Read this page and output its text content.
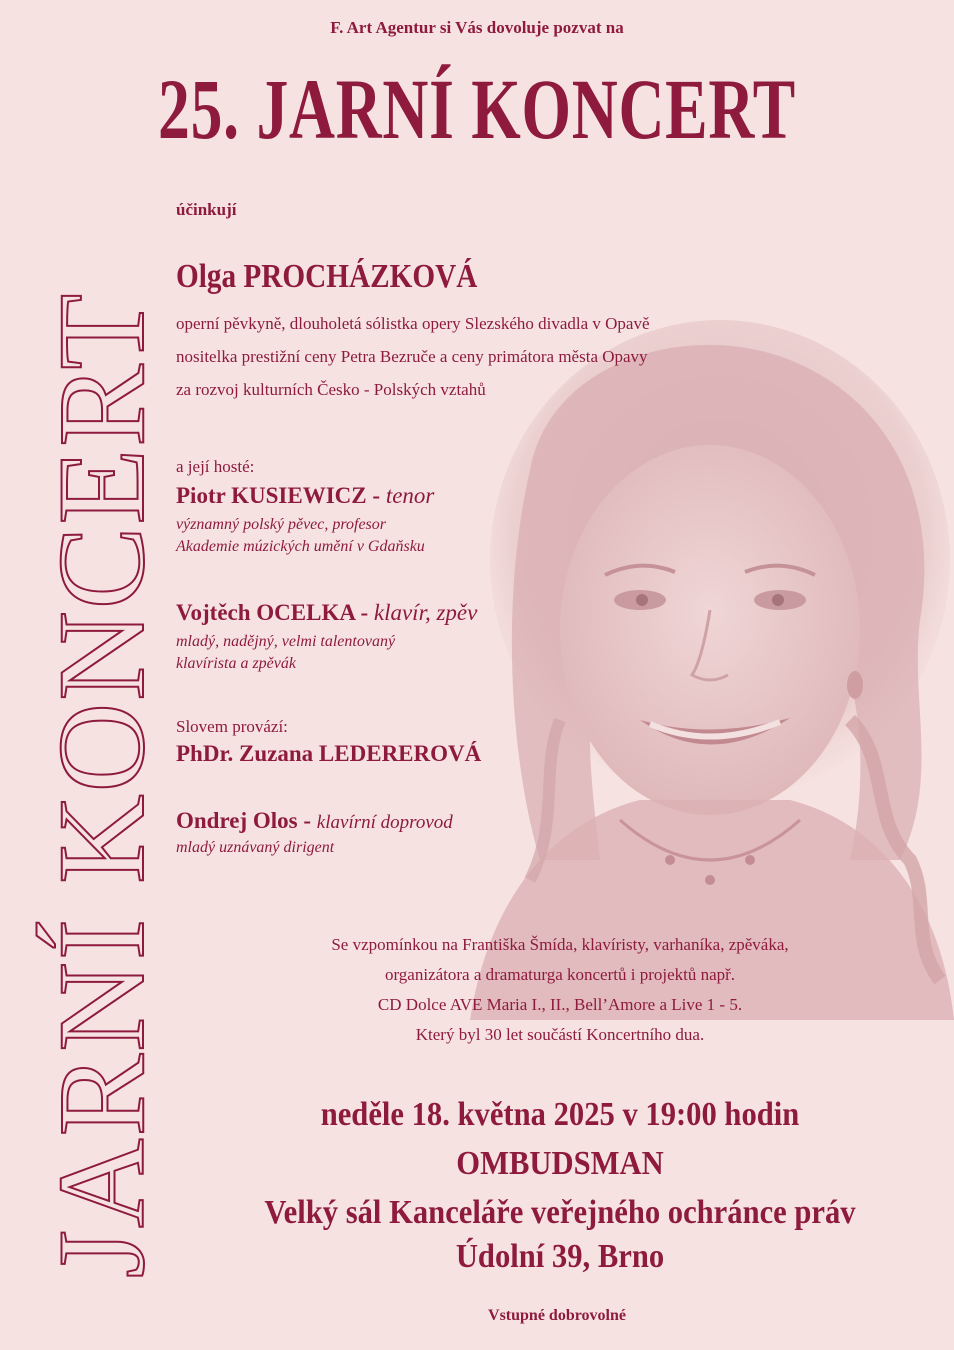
F. Art Agentur si Vás dovoluje pozvat na
25. JARNÍ KONCERT
JARNÍ KONCERT
účinkují
Olga PROCHÁZKOVÁ
operní pěvkyně, dlouholetá sólistka opery Slezského divadla v Opavě
nositelka prestižní ceny Petra Bezruče a ceny primátora města Opavy
za rozvoj kulturních Česko - Polských vztahů
a její hosté:
Piotr KUSIEWICZ - tenor
významný polský pěvec, profesor
Akademie múzických umění v Gdaňsku
Vojtěch OCELKA - klavír, zpěv
mladý, nadějný, velmi talentovaný
klavírista a zpěvák
Slovem provází:
PhDr. Zuzana LEDEREROVÁ
Ondrej Olos - klavírní doprovod
mladý uznávaný dirigent
Se vzpomínkou na Františka Šmída, klavíristy, varhaníka, zpěváka,
organizátora a dramaturga koncertů i projektů např.
CD Dolce AVE Maria I., II., Bell’Amore a Live 1 - 5.
Který byl 30 let součástí Koncertního dua.
neděle 18. května 2025 v 19:00 hodin
OMBUDSMAN
Velký sál Kanceláře veřejného ochránce práv
Údolní 39, Brno
Vstupné dobrovolné
